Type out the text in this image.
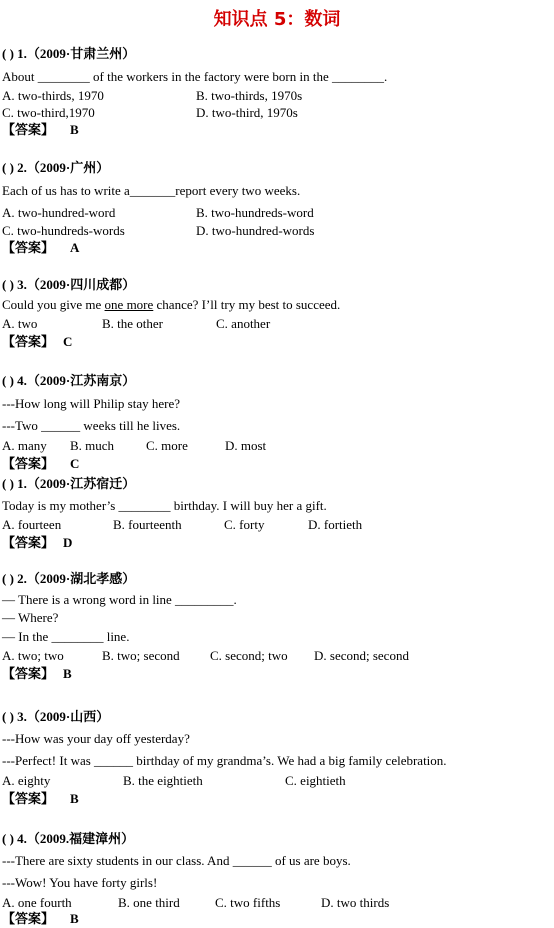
知识点 5：数词
( ) 1.（2009·甘肃兰州）
About ________ of the workers in the factory were born in the ________.
A. two-thirds, 1970	B. two-thirds, 1970s
C. two-third,1970	D. two-third, 1970s
【答案】 B
( ) 2.（2009·广州）
Each of us has to write a_______report every two weeks.
A. two-hundred-word	B. two-hundreds-word
C. two-hundreds-words	D. two-hundred-words
【答案】 A
( ) 3.（2009·四川成都）
Could you give me one more chance? I’ll try my best to succeed.
A. two	B. the other	C. another
【答案】 C
( ) 4.（2009·江苏南京）
---How long will Philip stay here?
---Two ______ weeks till he lives.
A. many B. much C. more	D. most
【答案】 C
( ) 1.（2009·江苏宿迁）
Today is my mother’s ________ birthday. I will buy her a gift.
A. fourteen	B. fourteenth	C. forty	D. fortieth
【答案】 D
( ) 2.（2009·湖北孝感）
— There is a wrong word in line _________.
— Where?
— In the ________ line.
A. two; two	B. two; second C. second; two D. second; second
【答案】 B
( ) 3.（2009·山西）
---How was your day off yesterday?
---Perfect! It was ______ birthday of my grandma’s. We had a big family celebration.
A. eighty	B. the eightieth	C. eightieth
【答案】 B
( ) 4.（2009.福建漳州）
---There are sixty students in our class. And ______ of us are boys.
---Wow! You have forty girls!
A. one fourth	B. one third	C. two fifths	D. two thirds
【答案】 B
